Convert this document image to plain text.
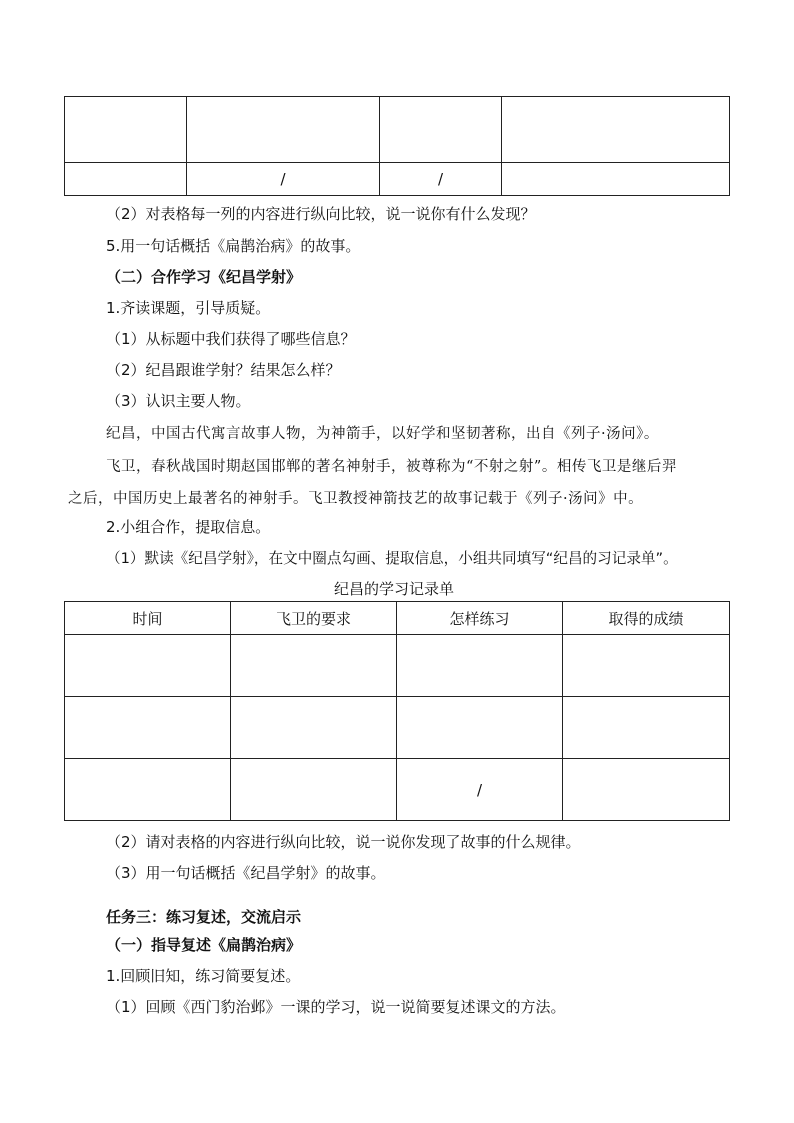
	/	/	
（2）对表格每一列的内容进行纵向比较，说一说你有什么发现？
5.用一句话概括《扁鹊治病》的故事。
（二）合作学习《纪昌学射》
1.齐读课题，引导质疑。
（1）从标题中我们获得了哪些信息？
（2）纪昌跟谁学射？结果怎么样？
（3）认识主要人物。
纪昌，中国古代寓言故事人物，为神箭手，以好学和坚韧著称，出自《列子·汤问》。
飞卫，春秋战国时期赵国邯郸的著名神射手，被尊称为“不射之射”。相传飞卫是继后羿
之后，中国历史上最著名的神射手。飞卫教授神箭技艺的故事记载于《列子·汤问》中。
2.小组合作，提取信息。
（1）默读《纪昌学射》，在文中圈点勾画、提取信息，小组共同填写“纪昌的习记录单”。
纪昌的学习记录单
时间	飞卫的要求	怎样练习	取得的成绩

		/	
（2）请对表格的内容进行纵向比较，说一说你发现了故事的什么规律。
（3）用一句话概括《纪昌学射》的故事。
任务三：练习复述，交流启示
（一）指导复述《扁鹊治病》
1.回顾旧知，练习简要复述。
（1）回顾《西门豹治邺》一课的学习，说一说简要复述课文的方法。
